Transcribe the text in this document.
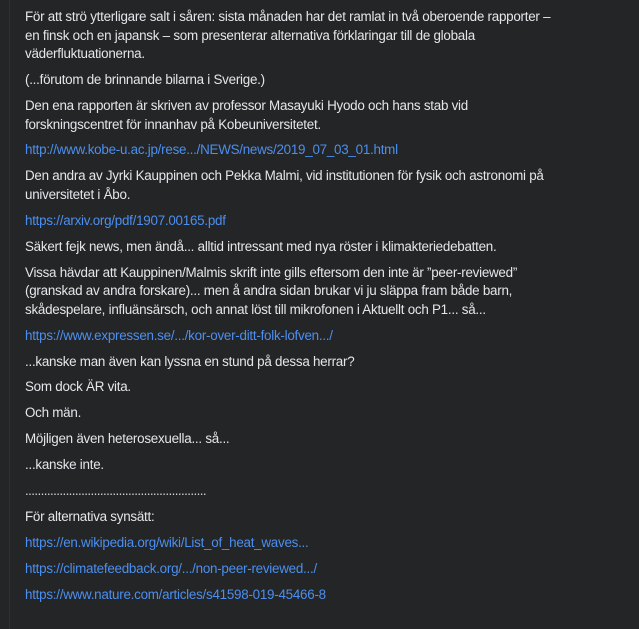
För att strö ytterligare salt i såren: sista månaden har det ramlat in två oberoende rapporter –
en finsk och en japansk – som presenterar alternativa förklaringar till de globala
väderfluktuationerna.

(...förutom de brinnande bilarna i Sverige.)

Den ena rapporten är skriven av professor Masayuki Hyodo och hans stab vid
forskningscentret för innanhav på Kobeuniversitetet.

http://www.kobe-u.ac.jp/rese.../NEWS/news/2019_07_03_01.html

Den andra av Jyrki Kauppinen och Pekka Malmi, vid institutionen för fysik och astronomi på
universitetet i Åbo.

https://arxiv.org/pdf/1907.00165.pdf

Säkert fejk news, men ändå... alltid intressant med nya röster i klimakteriedebatten.

Vissa hävdar att Kauppinen/Malmis skrift inte gills eftersom den inte är ”peer-reviewed”
(granskad av andra forskare)... men å andra sidan brukar vi ju släppa fram både barn,
skådespelare, influänsärsch, och annat löst till mikrofonen i Aktuellt och P1... så...

https://www.expressen.se/.../kor-over-ditt-folk-lofven.../

...kanske man även kan lyssna en stund på dessa herrar?

Som dock ÄR vita.

Och män.

Möjligen även heterosexuella... så...

...kanske inte.

..........................................................

För alternativa synsätt:

https://en.wikipedia.org/wiki/List_of_heat_waves...

https://climatefeedback.org/.../non-peer-reviewed.../

https://www.nature.com/articles/s41598-019-45466-8
